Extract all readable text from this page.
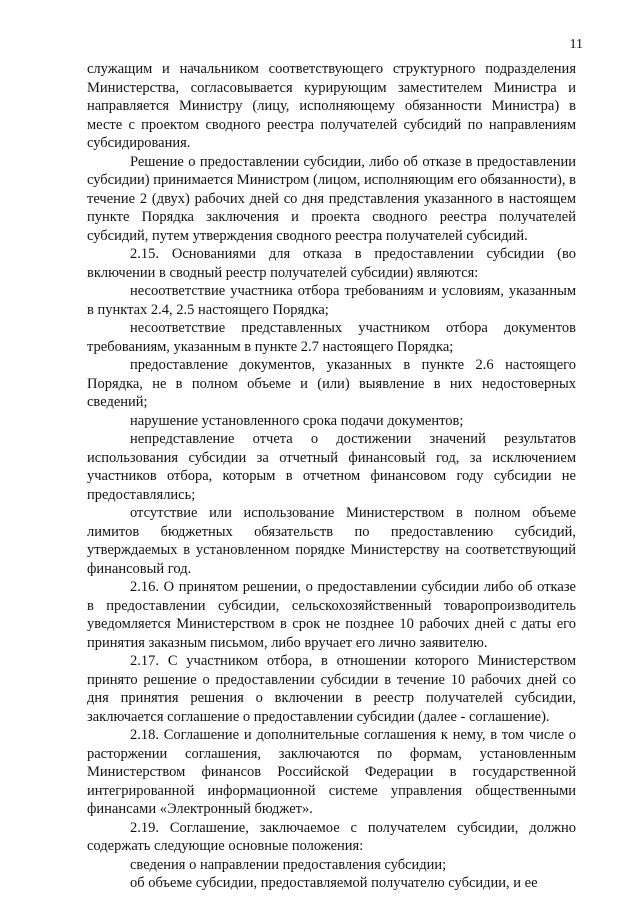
11

служащим и начальником соответствующего структурного подразделения Министерства, согласовывается курирующим заместителем Министра и направляется Министру (лицу, исполняющему обязанности Министра) в месте с проектом сводного реестра получателей субсидий по направлениям субсидирования.

Решение о предоставлении субсидии, либо об отказе в предоставлении субсидии) принимается Министром (лицом, исполняющим его обязанности), в течение 2 (двух) рабочих дней со дня представления указанного в настоящем пункте Порядка заключения и проекта сводного реестра получателей субсидий, путем утверждения сводного реестра получателей субсидий.

2.15. Основаниями для отказа в предоставлении субсидии (во включении в сводный реестр получателей субсидии) являются:

несоответствие участника отбора требованиям и условиям, указанным в пунктах 2.4, 2.5 настоящего Порядка;

несоответствие представленных участником отбора документов требованиям, указанным в пункте 2.7 настоящего Порядка;

предоставление документов, указанных в пункте 2.6 настоящего Порядка, не в полном объеме и (или) выявление в них недостоверных сведений;

нарушение установленного срока подачи документов;

непредставление отчета о достижении значений результатов использования субсидии за отчетный финансовый год, за исключением участников отбора, которым в отчетном финансовом году субсидии не предоставлялись;

отсутствие или использование Министерством в полном объеме лимитов бюджетных обязательств по предоставлению субсидий, утверждаемых в установленном порядке Министерству на соответствующий финансовый год.

2.16. О принятом решении, о предоставлении субсидии либо об отказе в предоставлении субсидии, сельскохозяйственный товаропроизводитель уведомляется Министерством в срок не позднее 10 рабочих дней с даты его принятия заказным письмом, либо вручает его лично заявителю.

2.17. С участником отбора, в отношении которого Министерством принято решение о предоставлении субсидии в течение 10 рабочих дней со дня принятия решения о включении в реестр получателей субсидии, заключается соглашение о предоставлении субсидии (далее - соглашение).

2.18. Соглашение и дополнительные соглашения к нему, в том числе о расторжении соглашения, заключаются по формам, установленным Министерством финансов Российской Федерации в государственной интегрированной информационной системе управления общественными финансами «Электронный бюджет».

2.19. Соглашение, заключаемое с получателем субсидии, должно содержать следующие основные положения:

сведения о направлении предоставления субсидии;

об объеме субсидии, предоставляемой получателю субсидии, и ее
